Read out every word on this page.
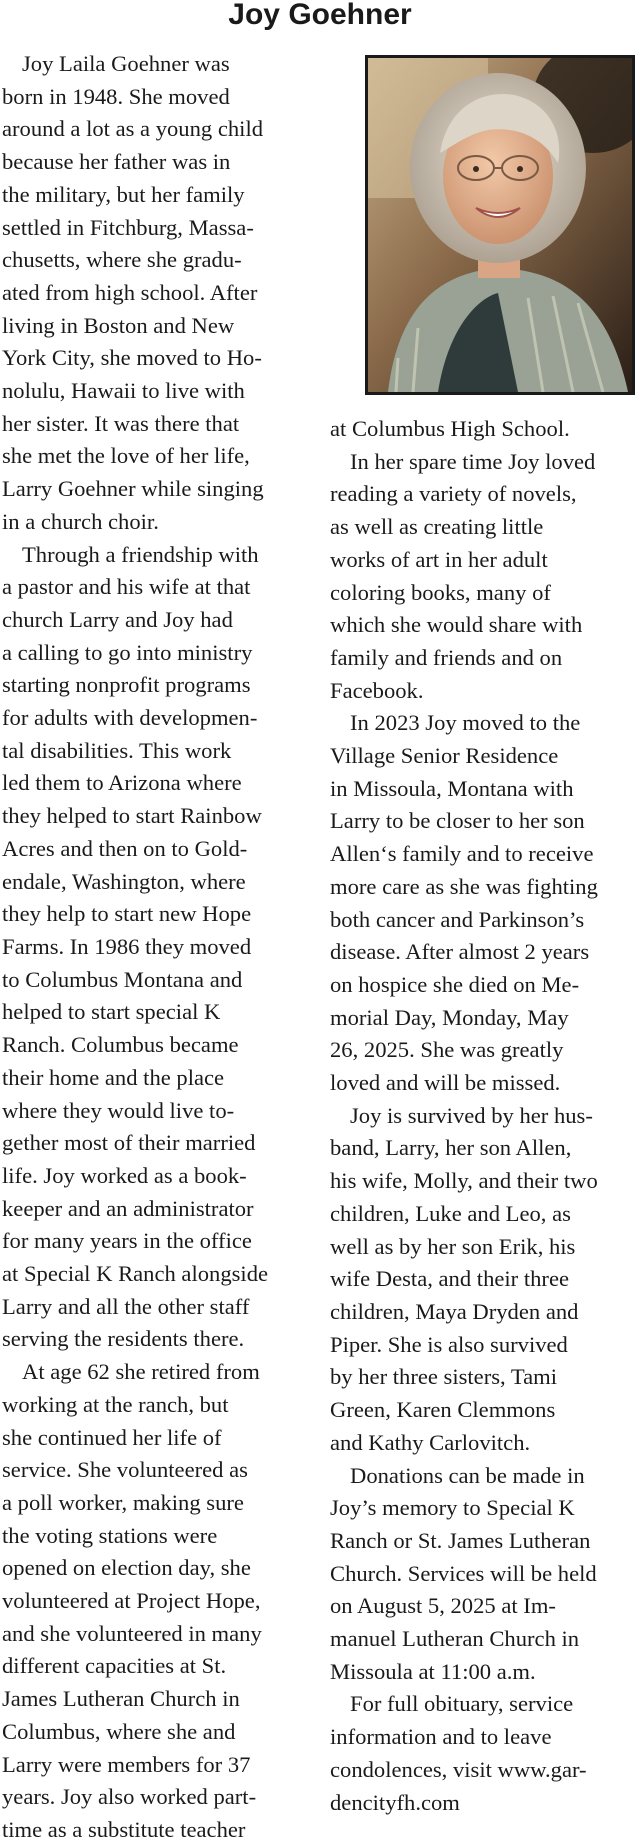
Joy Goehner
Joy Laila Goehner was
born in 1948. She moved
around a lot as a young child
because her father was in
the military, but her family
settled in Fitchburg, Massa-
chusetts, where she gradu-
ated from high school. After
living in Boston and New
York City, she moved to Ho-
nolulu, Hawaii to live with
her sister. It was there that
she met the love of her life,
Larry Goehner while singing
in a church choir.
Through a friendship with
a pastor and his wife at that
church Larry and Joy had
a calling to go into ministry
starting nonprofit programs
for adults with developmen-
tal disabilities. This work
led them to Arizona where
they helped to start Rainbow
Acres and then on to Gold-
endale, Washington, where
they help to start new Hope
Farms. In 1986 they moved
to Columbus Montana and
helped to start special K
Ranch. Columbus became
their home and the place
where they would live to-
gether most of their married
life. Joy worked as a book-
keeper and an administrator
for many years in the office
at Special K Ranch alongside
Larry and all the other staff
serving the residents there.
At age 62 she retired from
working at the ranch, but
she continued her life of
service. She volunteered as
a poll worker, making sure
the voting stations were
opened on election day, she
volunteered at Project Hope,
and she volunteered in many
different capacities at St.
James Lutheran Church in
Columbus, where she and
Larry were members for 37
years. Joy also worked part-
time as a substitute teacher
at Columbus High School.
In her spare time Joy loved
reading a variety of novels,
as well as creating little
works of art in her adult
coloring books, many of
which she would share with
family and friends and on
Facebook.
In 2023 Joy moved to the
Village Senior Residence
in Missoula, Montana with
Larry to be closer to her son
Allen‘s family and to receive
more care as she was fighting
both cancer and Parkinson’s
disease. After almost 2 years
on hospice she died on Me-
morial Day, Monday, May
26, 2025. She was greatly
loved and will be missed.
Joy is survived by her hus-
band, Larry, her son Allen,
his wife, Molly, and their two
children, Luke and Leo, as
well as by her son Erik, his
wife Desta, and their three
children, Maya Dryden and
Piper. She is also survived
by her three sisters, Tami
Green, Karen Clemmons
and Kathy Carlovitch.
Donations can be made in
Joy’s memory to Special K
Ranch or St. James Lutheran
Church. Services will be held
on August 5, 2025 at Im-
manuel Lutheran Church in
Missoula at 11:00 a.m.
For full obituary, service
information and to leave
condolences, visit www.gar-
dencityfh.com
